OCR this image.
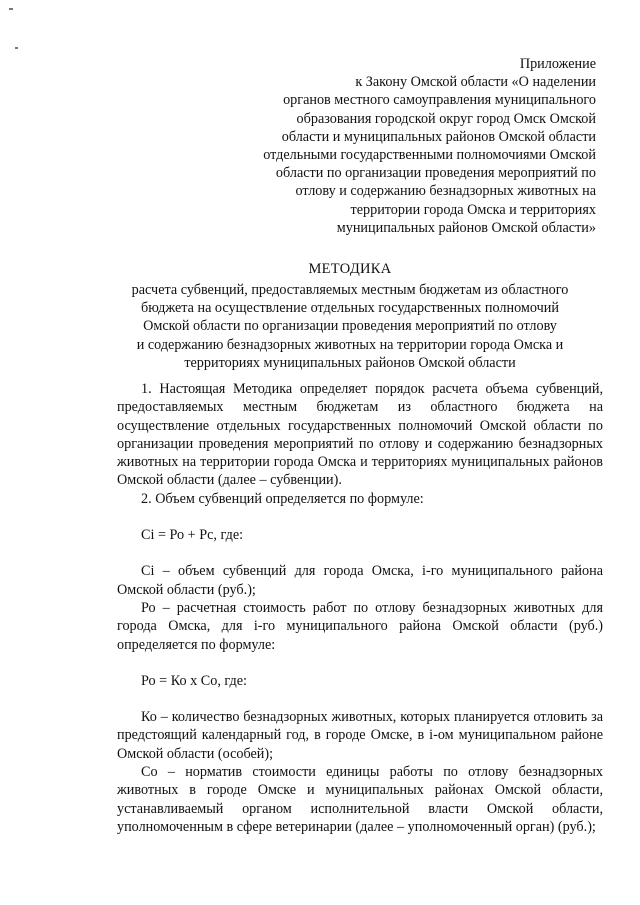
Приложение
к Закону Омской области «О наделении
органов местного самоуправления муниципального
образования городской округ город Омск Омской
области и муниципальных районов Омской области
отдельными государственными полномочиями Омской
области по организации проведения мероприятий по
отлову и содержанию безнадзорных животных на
территории города Омска и территориях
муниципальных районов Омской области»
МЕТОДИКА
расчета субвенций, предоставляемых местным бюджетам из областного
бюджета на осуществление отдельных государственных полномочий
Омской области по организации проведения мероприятий по отлову
и содержанию безнадзорных животных на территории города Омска и
территориях муниципальных районов Омской области
1. Настоящая Методика определяет порядок расчета объема субвенций, предоставляемых местным бюджетам из областного бюджета на осуществление отдельных государственных полномочий Омской области по организации проведения мероприятий по отлову и содержанию безнадзорных животных на территории города Омска и территориях муниципальных районов Омской области (далее – субвенции).
2. Объем субвенций определяется по формуле:
Ci = Ро + Рс, где:
Ci – объем субвенций для города Омска, i-го муниципального района Омской области (руб.);
Ро – расчетная стоимость работ по отлову безнадзорных животных для города Омска, для i-го муниципального района Омской области (руб.) определяется по формуле:
Ро = Ко х Со, где:
Ко – количество безнадзорных животных, которых планируется отловить за предстоящий календарный год, в городе Омске, в i-ом муниципальном районе Омской области (особей);
Со – норматив стоимости единицы работы по отлову безнадзорных животных в городе Омске и муниципальных районах Омской области, устанавливаемый органом исполнительной власти Омской области, уполномоченным в сфере ветеринарии (далее – уполномоченный орган) (руб.);
